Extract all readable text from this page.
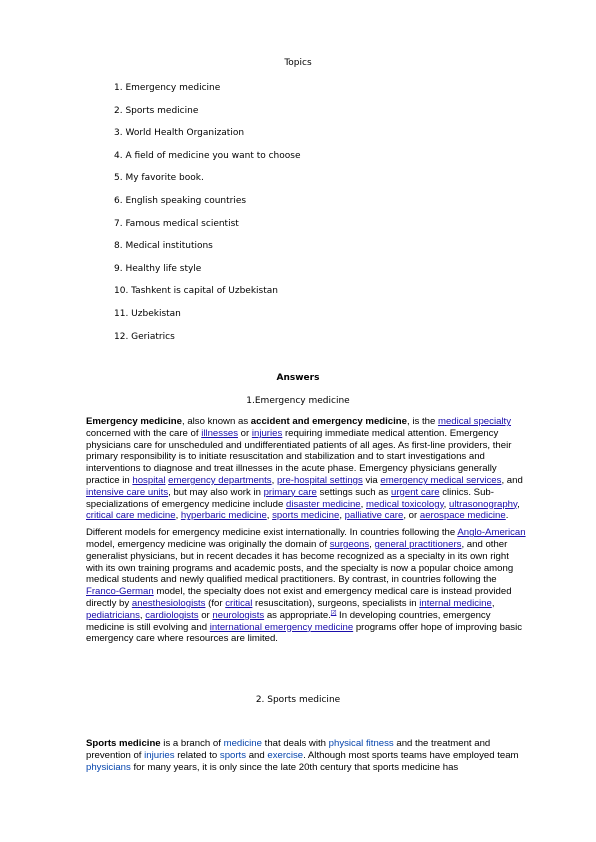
Topics
1. Emergency medicine
2. Sports medicine
3. World Health Organization
4. A field of medicine you want to choose
5. My favorite book.
6. English speaking countries
7. Famous medical scientist
8. Medical institutions
9. Healthy life style
10. Tashkent is capital of Uzbekistan
11. Uzbekistan
12. Geriatrics
Answers
1.Emergency medicine

Emergency medicine, also known as accident and emergency medicine, is the medical specialty concerned with the care of illnesses or injuries requiring immediate medical attention. Emergency physicians care for unscheduled and undifferentiated patients of all ages. As first-line providers, their primary responsibility is to initiate resuscitation and stabilization and to start investigations and interventions to diagnose and treat illnesses in the acute phase. Emergency physicians generally practice in hospital emergency departments, pre-hospital settings via emergency medical services, and intensive care units, but may also work in primary care settings such as urgent care clinics. Sub-specializations of emergency medicine include disaster medicine, medical toxicology, ultrasonography, critical care medicine, hyperbaric medicine, sports medicine, palliative care, or aerospace medicine.

Different models for emergency medicine exist internationally. In countries following the Anglo-American model, emergency medicine was originally the domain of surgeons, general practitioners, and other generalist physicians, but in recent decades it has become recognized as a specialty in its own right with its own training programs and academic posts, and the specialty is now a popular choice among medical students and newly qualified medical practitioners. By contrast, in countries following the Franco-German model, the specialty does not exist and emergency medical care is instead provided directly by anesthesiologists (for critical resuscitation), surgeons, specialists in internal medicine, pediatricians, cardiologists or neurologists as appropriate.[2] In developing countries, emergency medicine is still evolving and international emergency medicine programs offer hope of improving basic emergency care where resources are limited.

2. Sports medicine

Sports medicine is a branch of medicine that deals with physical fitness and the treatment and prevention of injuries related to sports and exercise. Although most sports teams have employed team physicians for many years, it is only since the late 20th century that sports medicine has
